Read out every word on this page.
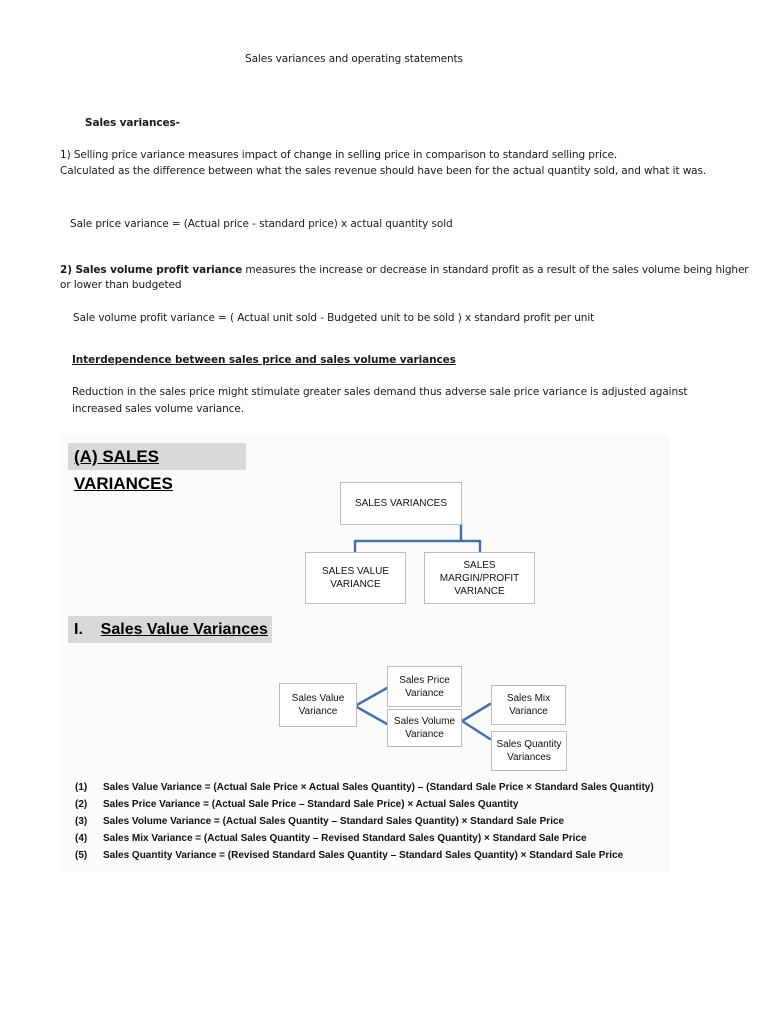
Sales variances and operating statements
Sales variances-
1) Selling price variance measures impact of change in selling price in comparison to standard selling price.
Calculated as the difference between what the sales revenue should have been for the actual quantity sold, and what it was.
Sale price variance = (Actual price - standard price) x actual quantity sold
2) Sales volume profit variance measures the increase or decrease in standard profit as a result of the sales volume being higher
or lower than budgeted
Sale volume profit variance = ( Actual unit sold - Budgeted unit to be sold ) x standard profit per unit
Interdependence between sales price and sales volume variances
Reduction in the sales price might stimulate greater sales demand thus adverse sale price variance is adjusted against
increased sales volume variance.
(A) SALES VARIANCES
SALES VARIANCES
SALES VALUE
VARIANCE
SALES
MARGIN/PROFIT
VARIANCE
I. Sales Value Variances
Sales Value
Variance
Sales Price
Variance
Sales Volume
Variance
Sales Mix
Variance
Sales Quantity
Variances
(1)	Sales Value Variance = (Actual Sale Price × Actual Sales Quantity) – (Standard Sale Price × Standard Sales Quantity)
(2)	Sales Price Variance = (Actual Sale Price – Standard Sale Price) × Actual Sales Quantity
(3)	Sales Volume Variance = (Actual Sales Quantity – Standard Sales Quantity) × Standard Sale Price
(4)	Sales Mix Variance = (Actual Sales Quantity – Revised Standard Sales Quantity) × Standard Sale Price
(5)	Sales Quantity Variance = (Revised Standard Sales Quantity – Standard Sales Quantity) × Standard Sale Price
